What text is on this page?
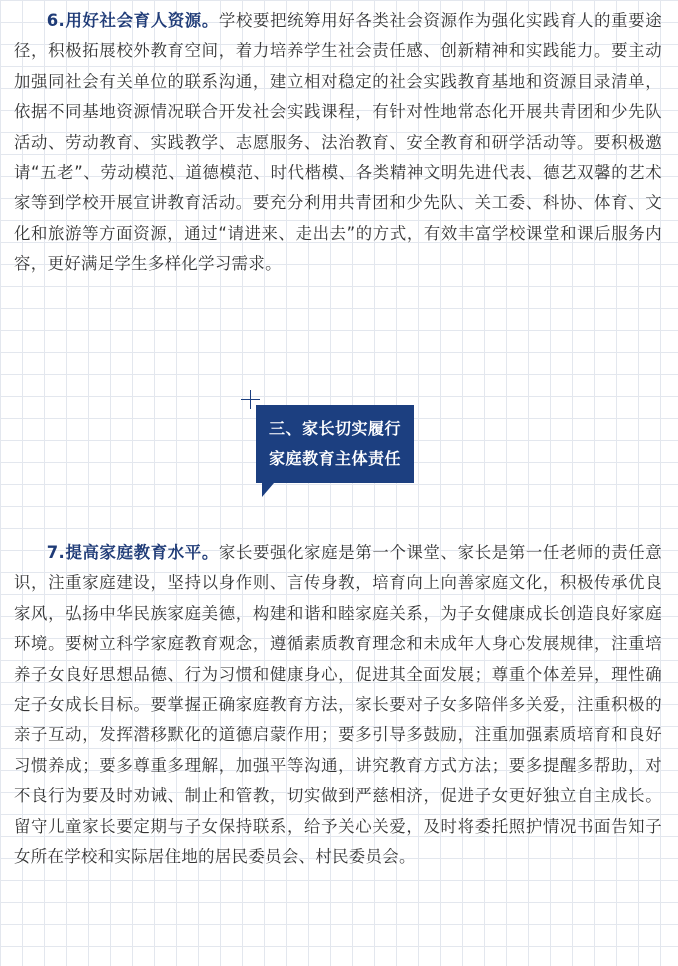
6.用好社会育人资源。学校要把统筹用好各类社会资源作为强化实践育人的重要途径，积极拓展校外教育空间，着力培养学生社会责任感、创新精神和实践能力。要主动加强同社会有关单位的联系沟通，建立相对稳定的社会实践教育基地和资源目录清单，依据不同基地资源情况联合开发社会实践课程，有针对性地常态化开展共青团和少先队活动、劳动教育、实践教学、志愿服务、法治教育、安全教育和研学活动等。要积极邀请“五老”、劳动模范、道德模范、时代楷模、各类精神文明先进代表、德艺双馨的艺术家等到学校开展宣讲教育活动。要充分利用共青团和少先队、关工委、科协、体育、文化和旅游等方面资源，通过“请进来、走出去”的方式，有效丰富学校课堂和课后服务内容，更好满足学生多样化学习需求。

三、家长切实履行
家庭教育主体责任

7.提高家庭教育水平。家长要强化家庭是第一个课堂、家长是第一任老师的责任意识，注重家庭建设，坚持以身作则、言传身教，培育向上向善家庭文化，积极传承优良家风，弘扬中华民族家庭美德，构建和谐和睦家庭关系，为子女健康成长创造良好家庭环境。要树立科学家庭教育观念，遵循素质教育理念和未成年人身心发展规律，注重培养子女良好思想品德、行为习惯和健康身心，促进其全面发展；尊重个体差异，理性确定子女成长目标。要掌握正确家庭教育方法，家长要对子女多陪伴多关爱，注重积极的亲子互动，发挥潜移默化的道德启蒙作用；要多引导多鼓励，注重加强素质培育和良好习惯养成；要多尊重多理解，加强平等沟通，讲究教育方式方法；要多提醒多帮助，对不良行为要及时劝诫、制止和管教，切实做到严慈相济，促进子女更好独立自主成长。留守儿童家长要定期与子女保持联系，给予关心关爱，及时将委托照护情况书面告知子女所在学校和实际居住地的居民委员会、村民委员会。
